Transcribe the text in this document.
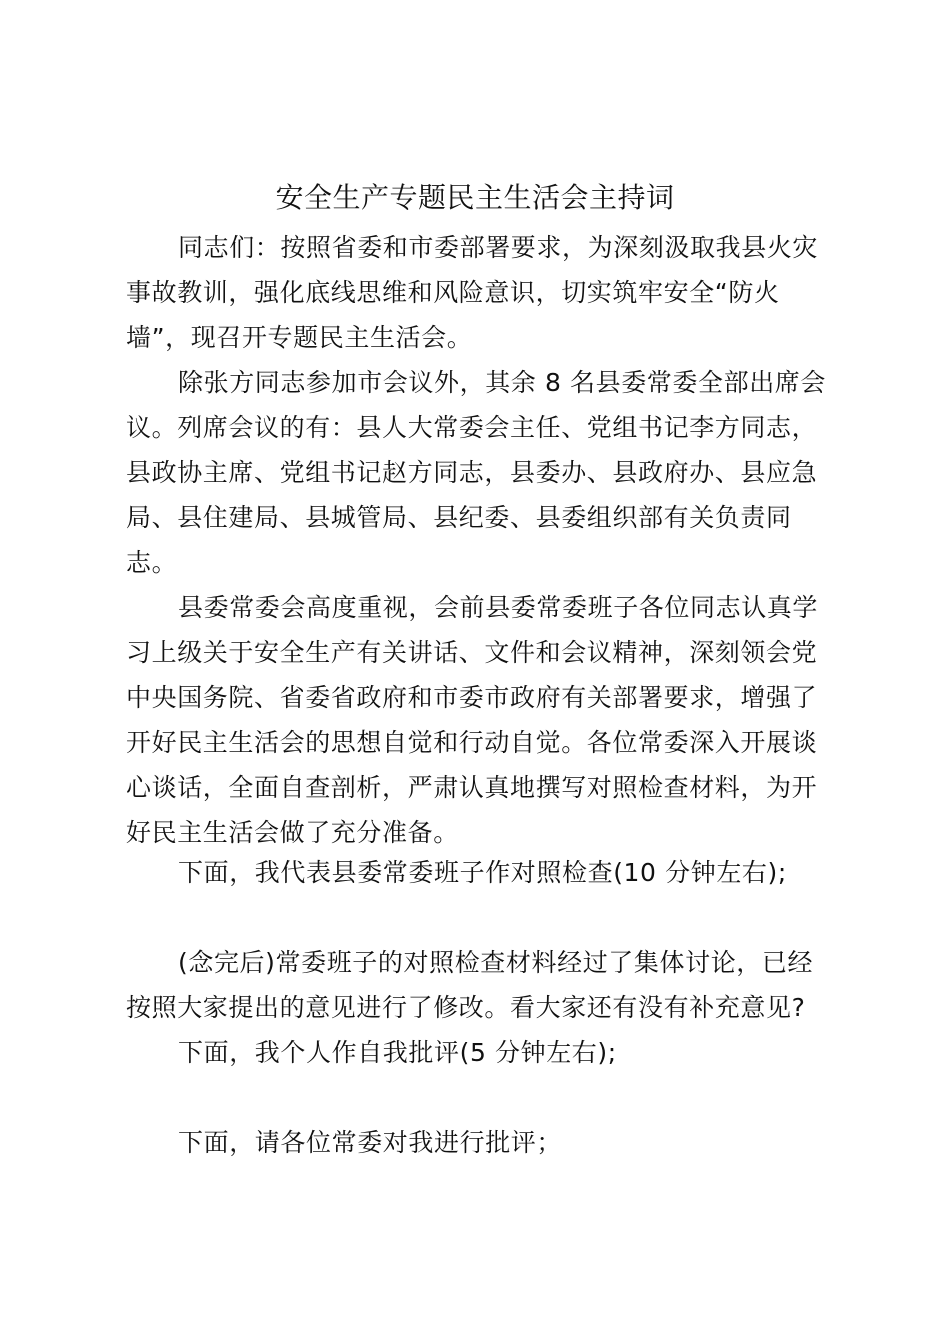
安全生产专题民主生活会主持词

同志们：按照省委和市委部署要求，为深刻汲取我县火灾事故教训，强化底线思维和风险意识，切实筑牢安全“防火墙”，现召开专题民主生活会。

除张方同志参加市会议外，其余 8 名县委常委全部出席会议。列席会议的有：县人大常委会主任、党组书记李方同志，县政协主席、党组书记赵方同志，县委办、县政府办、县应急局、县住建局、县城管局、县纪委、县委组织部有关负责同志。

县委常委会高度重视，会前县委常委班子各位同志认真学习上级关于安全生产有关讲话、文件和会议精神，深刻领会党中央国务院、省委省政府和市委市政府有关部署要求，增强了开好民主生活会的思想自觉和行动自觉。各位常委深入开展谈心谈话，全面自查剖析，严肃认真地撰写对照检查材料，为开好民主生活会做了充分准备。

下面，我代表县委常委班子作对照检查(10 分钟左右);

(念完后)常委班子的对照检查材料经过了集体讨论，已经按照大家提出的意见进行了修改。看大家还有没有补充意见?

下面，我个人作自我批评(5 分钟左右);

下面，请各位常委对我进行批评；
